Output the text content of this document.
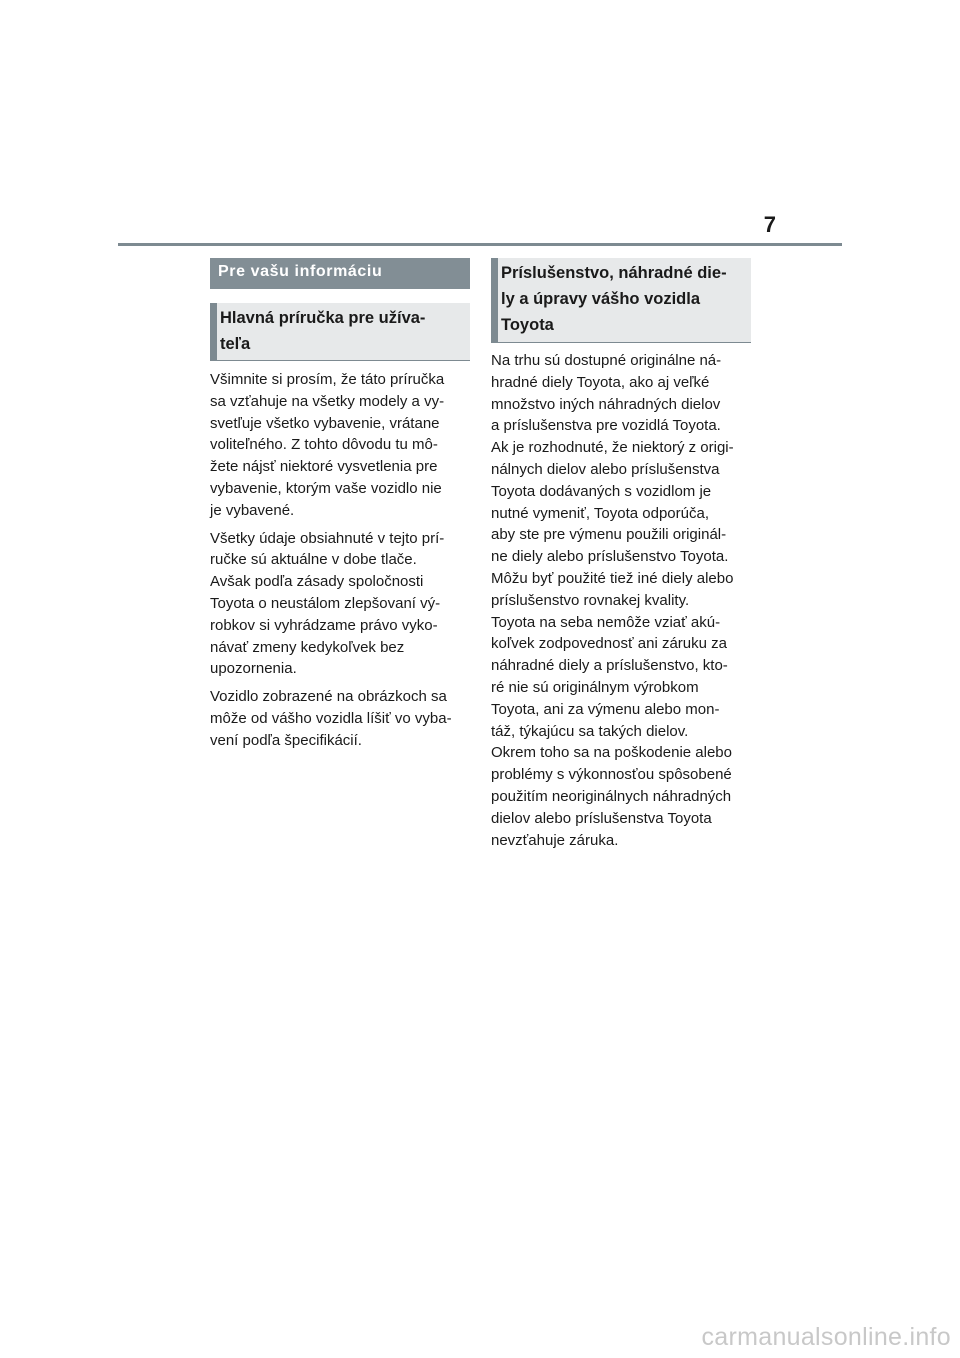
7
Pre vašu informáciu
Hlavná príručka pre užíva-
teľa

Všimnite si prosím, že táto príručka
sa vzťahuje na všetky modely a vy-
svetľuje všetko vybavenie, vrátane
voliteľného. Z tohto dôvodu tu mô-
žete nájsť niektoré vysvetlenia pre
vybavenie, ktorým vaše vozidlo nie
je vybavené.

Všetky údaje obsiahnuté v tejto prí-
ručke sú aktuálne v dobe tlače.
Avšak podľa zásady spoločnosti
Toyota o neustálom zlepšovaní vý-
robkov si vyhrádzame právo vyko-
návať zmeny kedykoľvek bez
upozornenia.

Vozidlo zobrazené na obrázkoch sa
môže od vášho vozidla líšiť vo vyba-
vení podľa špecifikácií.

Príslušenstvo, náhradné die-
ly a úpravy vášho vozidla
Toyota

Na trhu sú dostupné originálne ná-
hradné diely Toyota, ako aj veľké
množstvo iných náhradných dielov
a príslušenstva pre vozidlá Toyota.
Ak je rozhodnuté, že niektorý z origi-
nálnych dielov alebo príslušenstva
Toyota dodávaných s vozidlom je
nutné vymeniť, Toyota odporúča,
aby ste pre výmenu použili originál-
ne diely alebo príslušenstvo Toyota.
Môžu byť použité tiež iné diely alebo
príslušenstvo rovnakej kvality.
Toyota na seba nemôže vziať akú-
koľvek zodpovednosť ani záruku za
náhradné diely a príslušenstvo, kto-
ré nie sú originálnym výrobkom
Toyota, ani za výmenu alebo mon-
táž, týkajúcu sa takých dielov.
Okrem toho sa na poškodenie alebo
problémy s výkonnosťou spôsobené
použitím neoriginálnych náhradných
dielov alebo príslušenstva Toyota
nevzťahuje záruka.

carmanualsonline.info
